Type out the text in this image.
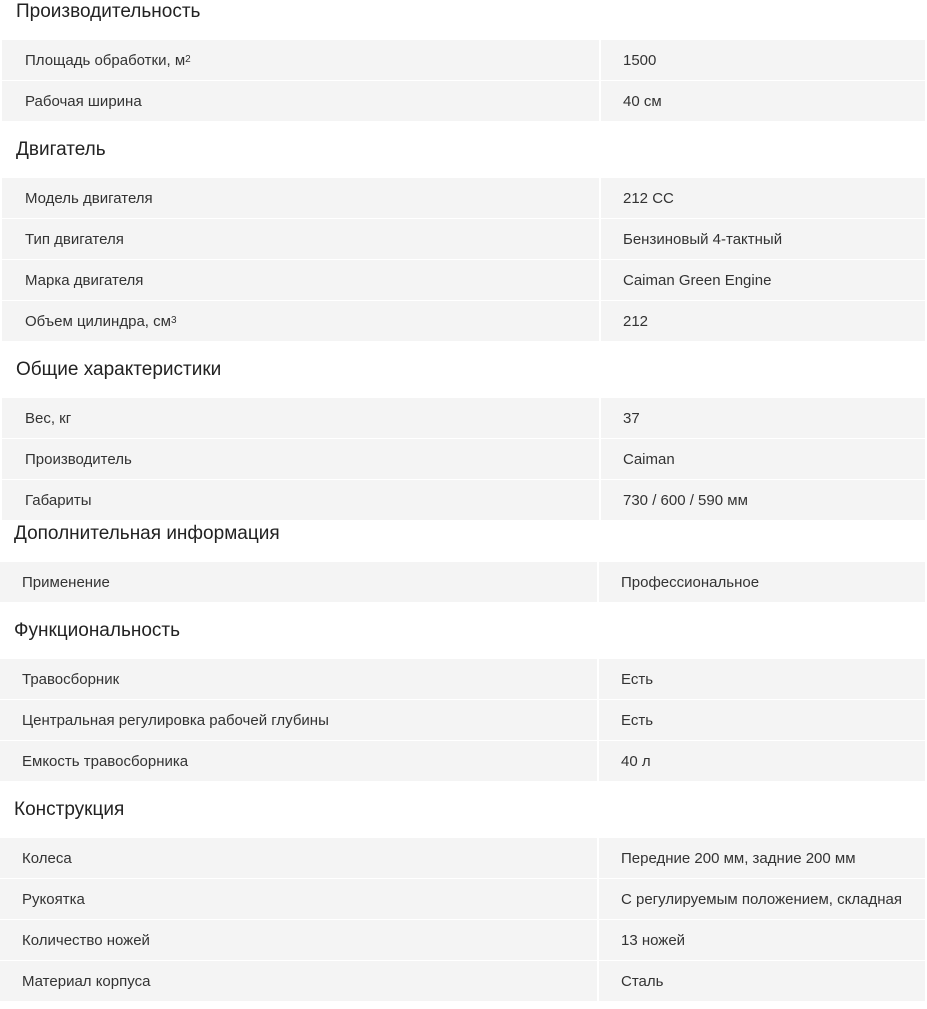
Производительность
Площадь обработки, м 2	1500
Рабочая ширина	40 см
Двигатель
Модель двигателя	212 CC
Тип двигателя	Бензиновый 4-тактный
Марка двигателя	Caiman Green Engine
Объем цилиндра, см 3	212
Общие характеристики
Вес, кг	37
Производитель	Caiman
Габариты	730 / 600 / 590 мм
Дополнительная информация
Применение	Профессиональное
Функциональность
Травосборник	Есть
Центральная регулировка рабочей глубины	Есть
Емкость травосборника	40 л
Конструкция
Колеса	Передние 200 мм, задние 200 мм
Рукоятка	С регулируемым положением, складная
Количество ножей	13 ножей
Материал корпуса	Сталь
